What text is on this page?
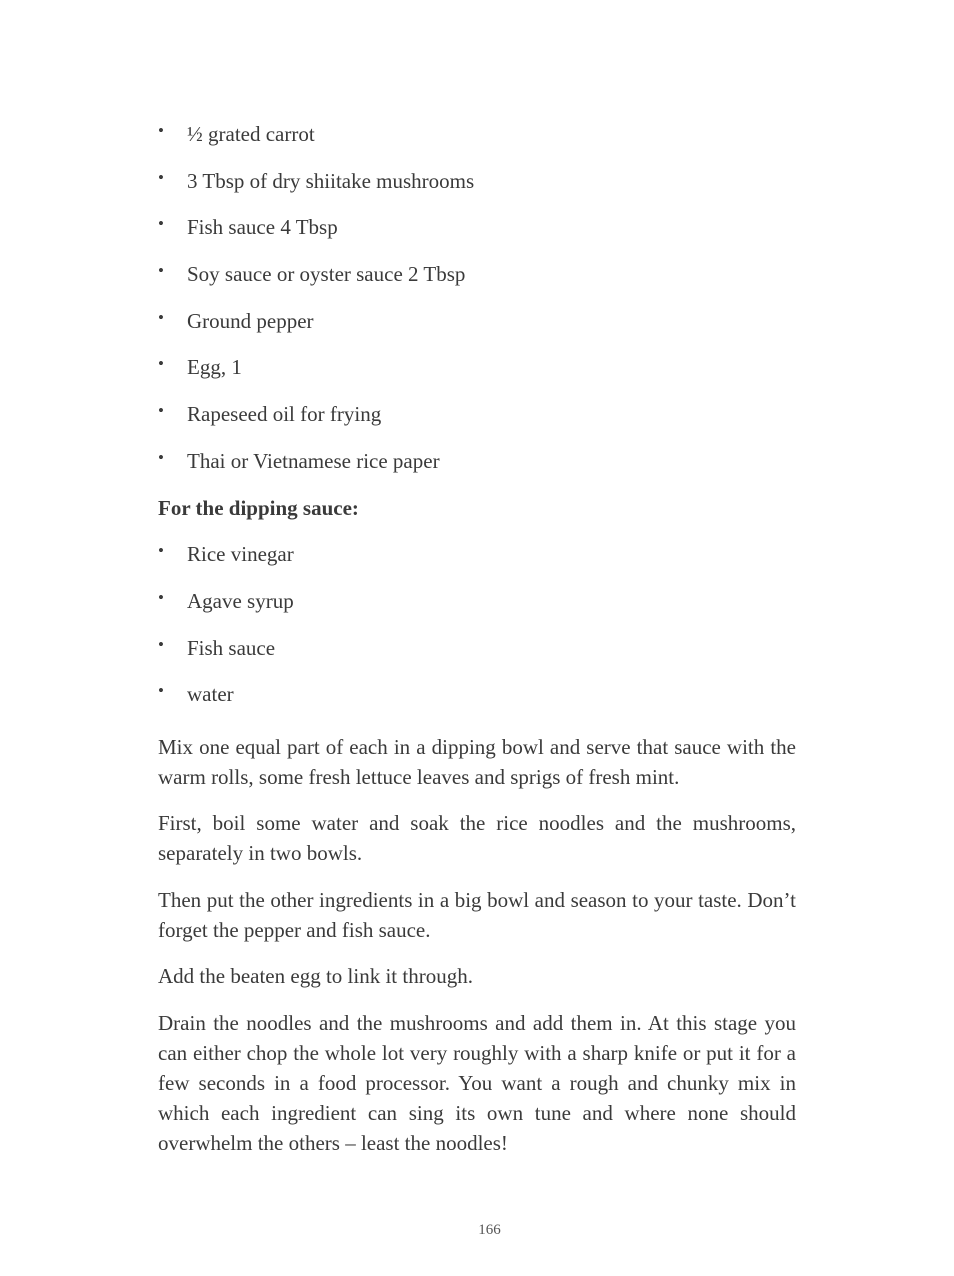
• ½ grated carrot
• 3 Tbsp of dry shiitake mushrooms
• Fish sauce 4 Tbsp
• Soy sauce or oyster sauce 2 Tbsp
• Ground pepper
• Egg, 1
• Rapeseed oil for frying
• Thai or Vietnamese rice paper

For the dipping sauce:

• Rice vinegar
• Agave syrup
• Fish sauce
• water

Mix one equal part of each in a dipping bowl and serve that sauce with the warm rolls, some fresh lettuce leaves and sprigs of fresh mint.

First, boil some water and soak the rice noodles and the mushrooms, separately in two bowls.

Then put the other ingredients in a big bowl and season to your taste. Don’t forget the pepper and fish sauce.

Add the beaten egg to link it through.

Drain the noodles and the mushrooms and add them in. At this stage you can either chop the whole lot very roughly with a sharp knife or put it for a few seconds in a food processor. You want a rough and chunky mix in which each ingredient can sing its own tune and where none should overwhelm the others – least the noodles!

166
